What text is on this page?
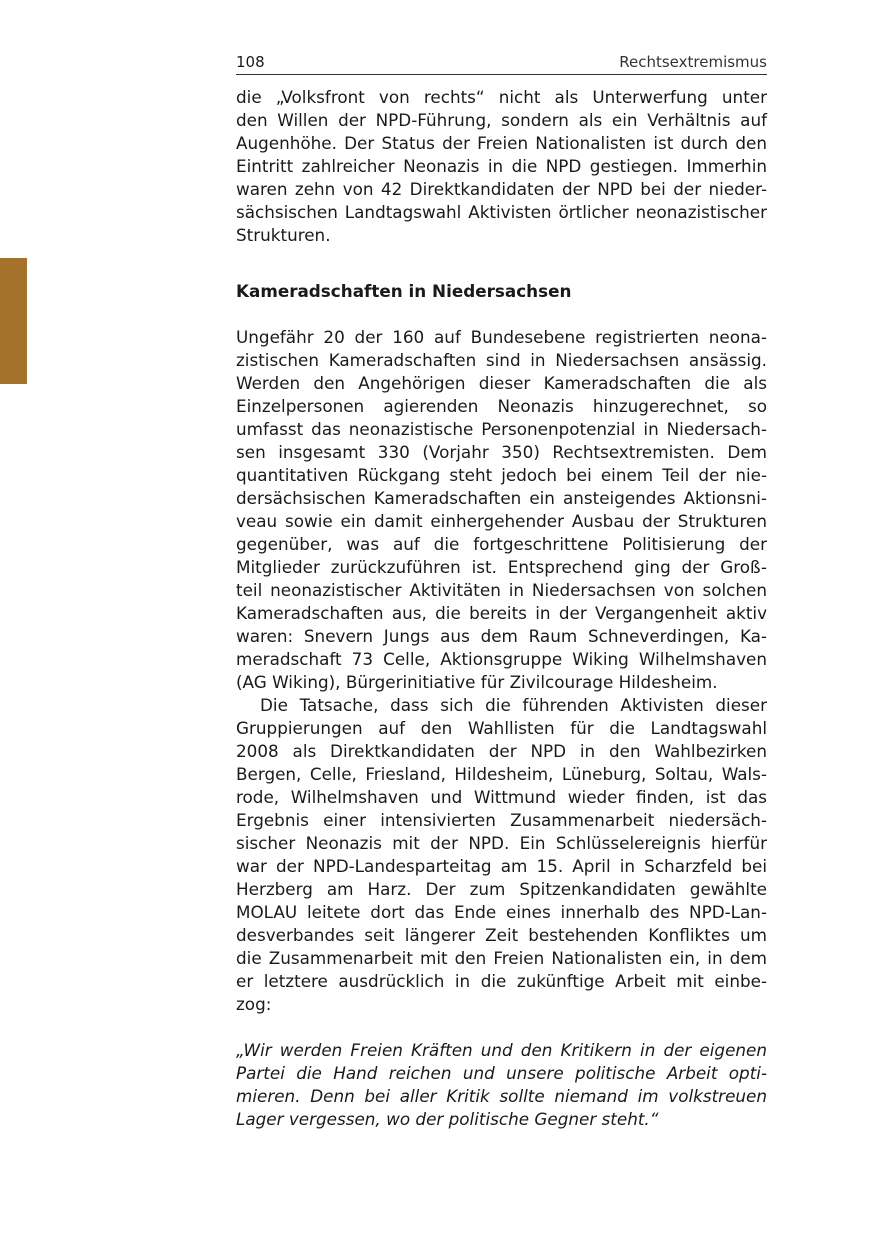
108	Rechtsextremismus
die „Volksfront von rechts“ nicht als Unterwerfung unter
den Willen der NPD-Führung, sondern als ein Verhältnis auf
Augenhöhe. Der Status der Freien Nationalisten ist durch den
Eintritt zahlreicher Neonazis in die NPD gestiegen. Immerhin
waren zehn von 42 Direktkandidaten der NPD bei der nieder-
sächsischen Landtagswahl Aktivisten örtlicher neonazistischer
Strukturen.
Kameradschaften in Niedersachsen
Ungefähr 20 der 160 auf Bundesebene registrierten neona-
zistischen Kameradschaften sind in Niedersachsen ansässig.
Werden den Angehörigen dieser Kameradschaften die als
Einzelpersonen agierenden Neonazis hinzugerechnet, so
umfasst das neonazistische Personenpotenzial in Niedersach-
sen insgesamt 330 (Vorjahr 350) Rechtsextremisten. Dem
quantitativen Rückgang steht jedoch bei einem Teil der nie-
dersächsischen Kameradschaften ein ansteigendes Aktionsni-
veau sowie ein damit einhergehender Ausbau der Strukturen
gegenüber, was auf die fortgeschrittene Politisierung der
Mitglieder zurückzuführen ist. Entsprechend ging der Groß-
teil neonazistischer Aktivitäten in Niedersachsen von solchen
Kameradschaften aus, die bereits in der Vergangenheit aktiv
waren: Snevern Jungs aus dem Raum Schneverdingen, Ka-
meradschaft 73 Celle, Aktionsgruppe Wiking Wilhelmshaven
(AG Wiking), Bürgerinitiative für Zivilcourage Hildesheim.
Die Tatsache, dass sich die führenden Aktivisten dieser
Gruppierungen auf den Wahllisten für die Landtagswahl
2008 als Direktkandidaten der NPD in den Wahlbezirken
Bergen, Celle, Friesland, Hildesheim, Lüneburg, Soltau, Wals-
rode, Wilhelmshaven und Wittmund wieder finden, ist das
Ergebnis einer intensivierten Zusammenarbeit niedersäch-
sischer Neonazis mit der NPD. Ein Schlüsselereignis hierfür
war der NPD-Landesparteitag am 15. April in Scharzfeld bei
Herzberg am Harz. Der zum Spitzenkandidaten gewählte
MOLAU leitete dort das Ende eines innerhalb des NPD-Lan-
desverbandes seit längerer Zeit bestehenden Konfliktes um
die Zusammenarbeit mit den Freien Nationalisten ein, in dem
er letztere ausdrücklich in die zukünftige Arbeit mit einbe-
zog:
„Wir werden Freien Kräften und den Kritikern in der eigenen
Partei die Hand reichen und unsere politische Arbeit opti-
mieren. Denn bei aller Kritik sollte niemand im volkstreuen
Lager vergessen, wo der politische Gegner steht.“
